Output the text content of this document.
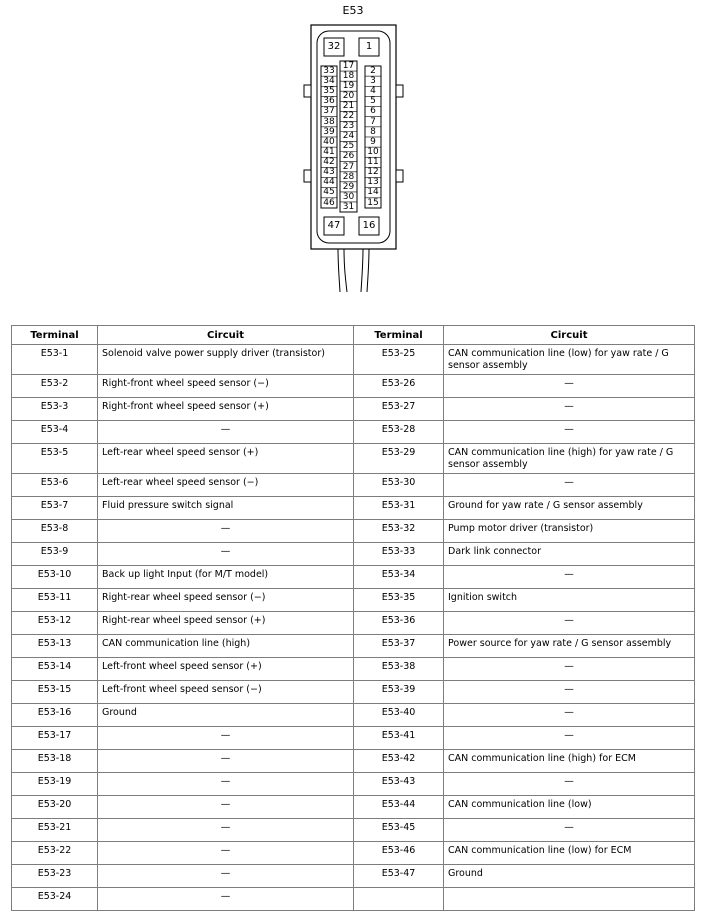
E53
32	1
47	16
33
34
35
36
37
38
39
40
41
42
43
44
45
46
17
18
19
20
21
22
23
24
25
26
27
28
29
30
31
2
3
4
5
6
7
8
9
10
11
12
13
14
15
Terminal	Circuit	Terminal	Circuit
E53-1	Solenoid valve power supply driver (transistor)	E53-25	CAN communication line (low) for yaw rate / G sensor assembly
E53-2	Right-front wheel speed sensor (−)	E53-26	—
E53-3	Right-front wheel speed sensor (+)	E53-27	—
E53-4	—	E53-28	—
E53-5	Left-rear wheel speed sensor (+)	E53-29	CAN communication line (high) for yaw rate / G sensor assembly
E53-6	Left-rear wheel speed sensor (−)	E53-30	—
E53-7	Fluid pressure switch signal	E53-31	Ground for yaw rate / G sensor assembly
E53-8	—	E53-32	Pump motor driver (transistor)
E53-9	—	E53-33	Dark link connector
E53-10	Back up light Input (for M/T model)	E53-34	—
E53-11	Right-rear wheel speed sensor (−)	E53-35	Ignition switch
E53-12	Right-rear wheel speed sensor (+)	E53-36	—
E53-13	CAN communication line (high)	E53-37	Power source for yaw rate / G sensor assembly
E53-14	Left-front wheel speed sensor (+)	E53-38	—
E53-15	Left-front wheel speed sensor (−)	E53-39	—
E53-16	Ground	E53-40	—
E53-17	—	E53-41	—
E53-18	—	E53-42	CAN communication line (high) for ECM
E53-19	—	E53-43	—
E53-20	—	E53-44	CAN communication line (low)
E53-21	—	E53-45	—
E53-22	—	E53-46	CAN communication line (low) for ECM
E53-23	—	E53-47	Ground
E53-24	—		
